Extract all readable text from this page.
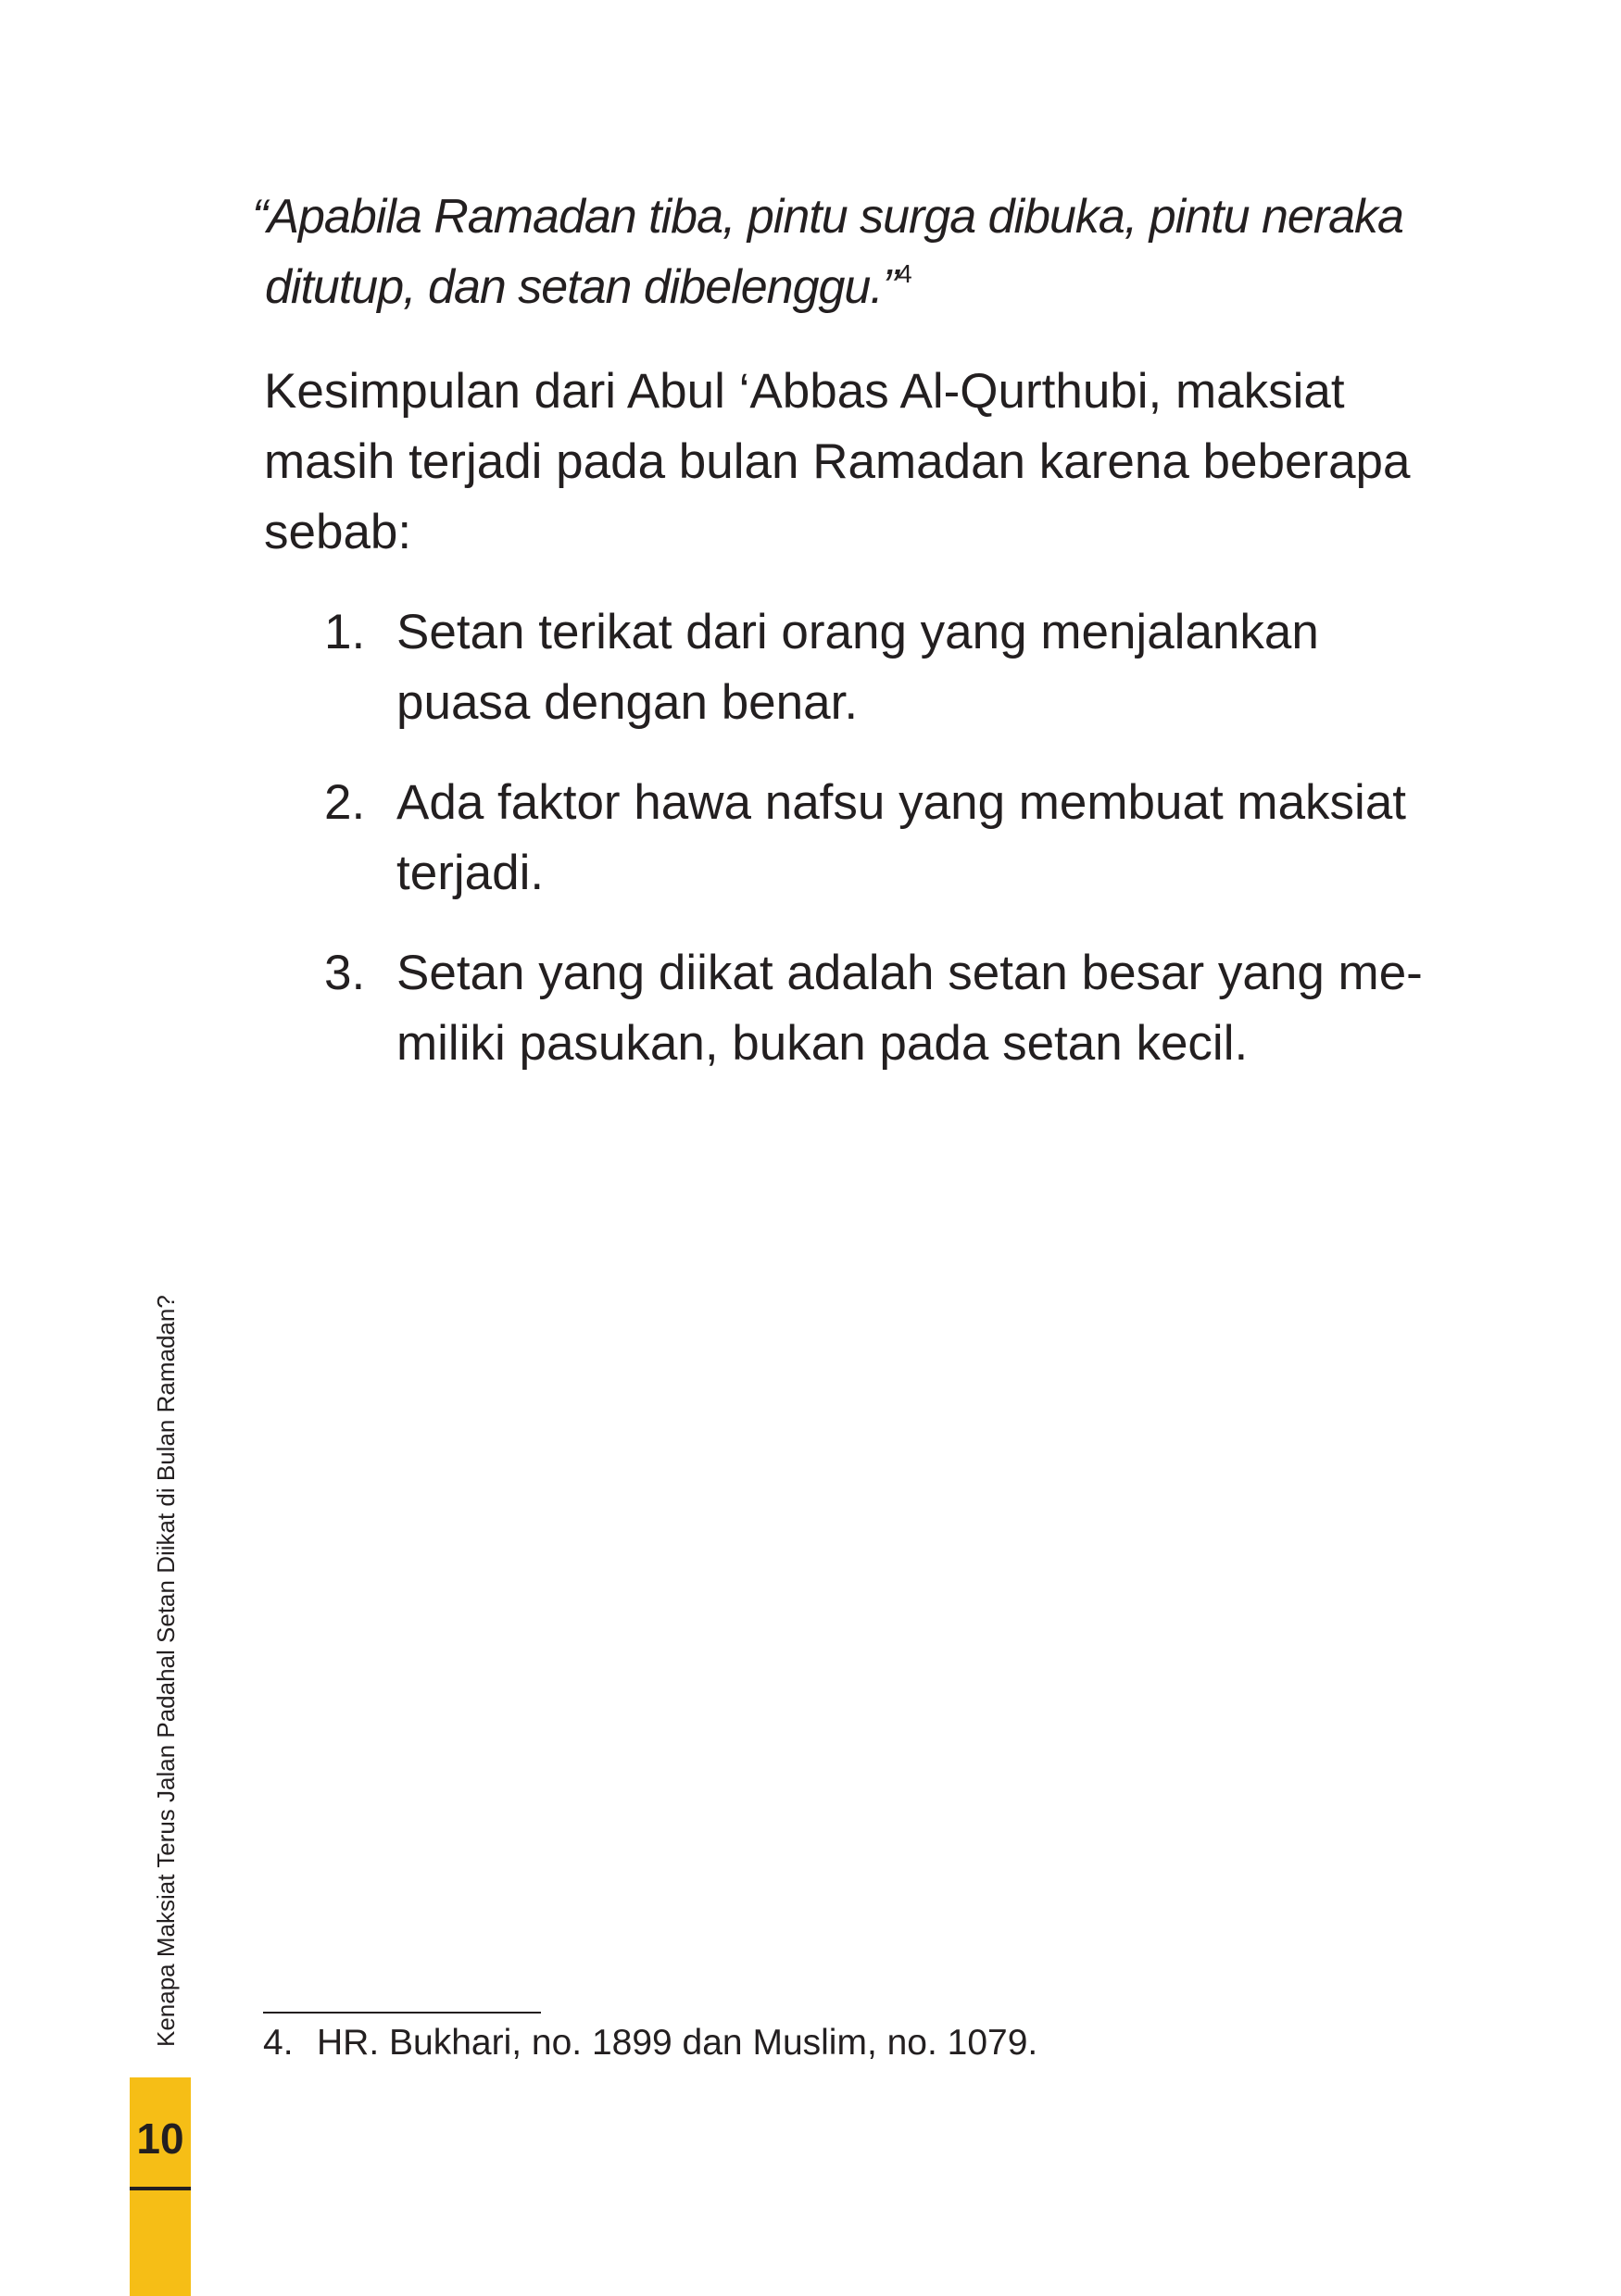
“Apabila Ramadan tiba, pintu surga dibuka, pintu neraka
ditutup, dan setan dibelenggu.”$^4$

Kesimpulan dari Abul ‘Abbas Al-Qurthubi, maksiat
masih terjadi pada bulan Ramadan karena beberapa
sebab:

1. Setan terikat dari orang yang menjalankan
puasa dengan benar.
2. Ada faktor hawa nafsu yang membuat maksiat
terjadi.
3. Setan yang diikat adalah setan besar yang me-
miliki pasukan, bukan pada setan kecil.

4. HR. Bukhari, no. 1899 dan Muslim, no. 1079.

Kenapa Maksiat Terus Jalan Padahal Setan Diikat di Bulan Ramadan?
10
